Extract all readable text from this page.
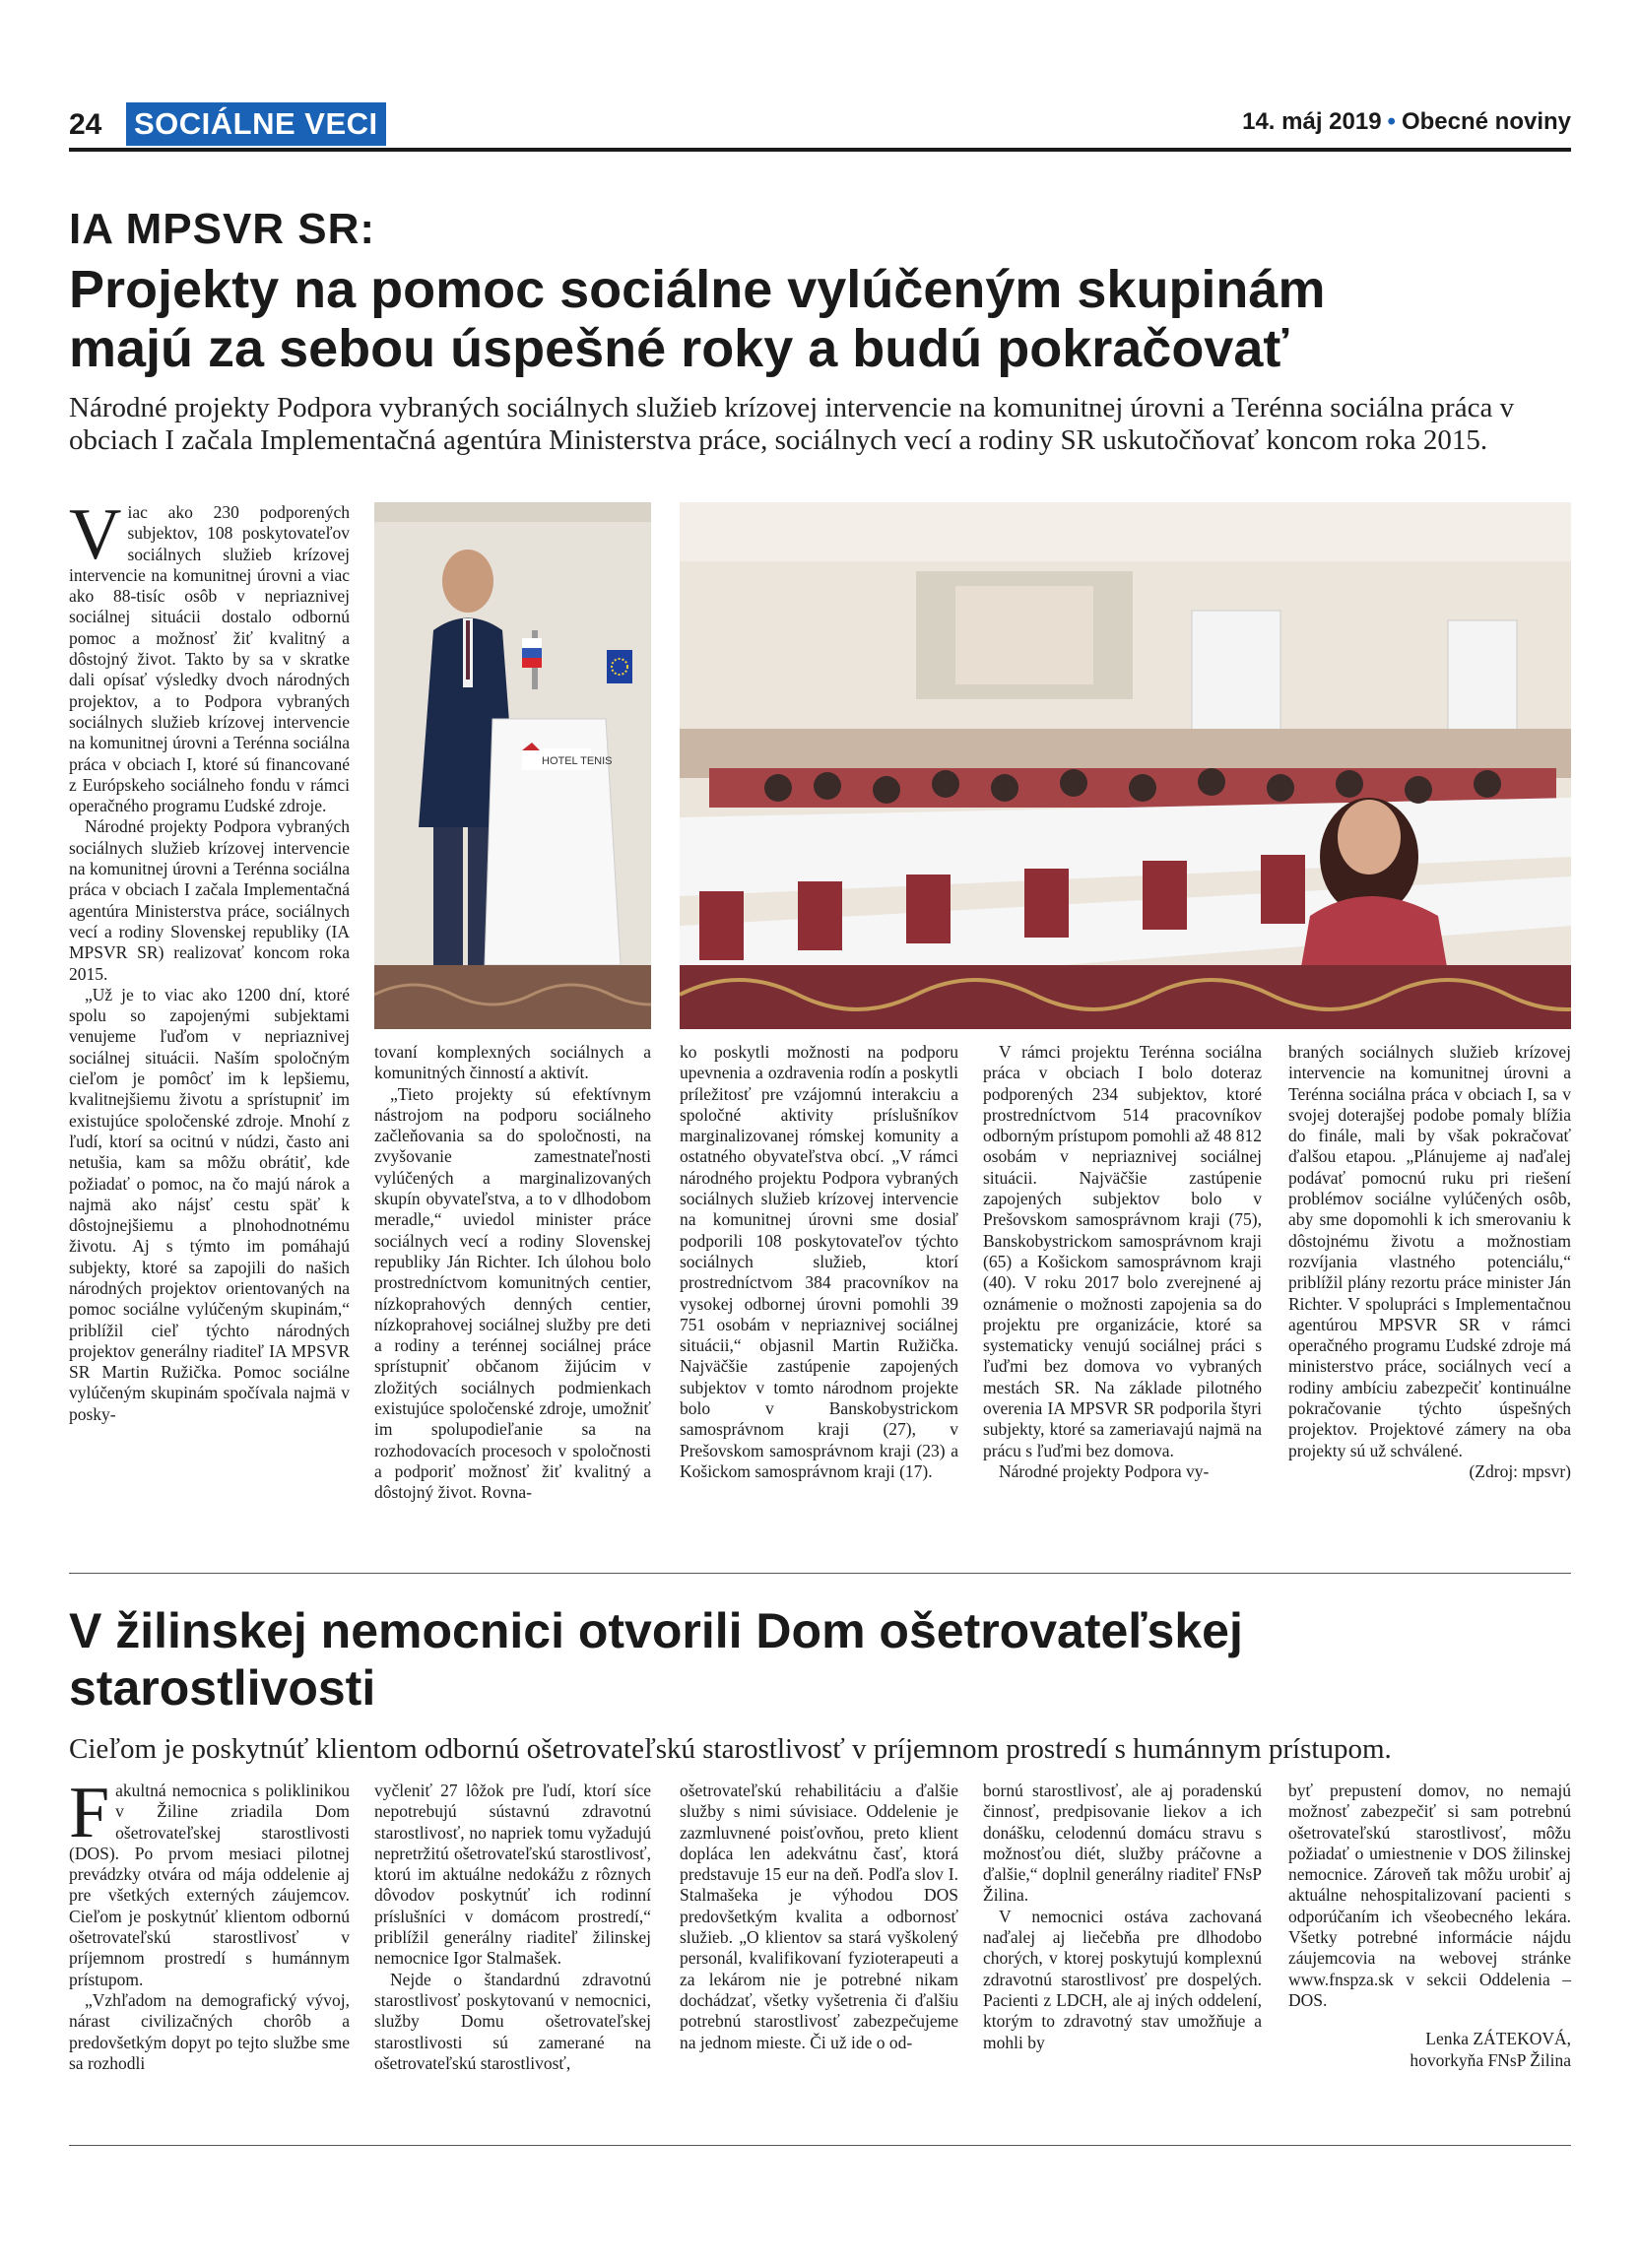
24 SOCIÁLNE VECI	14. máj 2019 • Obecné noviny
IA MPSVR SR:
Projekty na pomoc sociálne vylúčeným skupinám
majú za sebou úspešné roky a budú pokračovať
Národné projekty Podpora vybraných sociálnych služieb krízovej intervencie na komunitnej úrovni a Terénna sociálna práca v obciach I začala Implementačná agentúra Ministerstva práce, sociálnych vecí a rodiny SR uskutočňovať koncom roka 2015.
V iac ako 230 podporených subjektov, 108 poskytovateľov sociálnych služieb krízovej intervencie na komunitnej úrovni a viac ako 88-tisíc osôb v nepriaznivej sociálnej situácii dostalo odbornú pomoc a možnosť žiť kvalitný a dôstojný život. Takto by sa v skratke dali opísať výsledky dvoch národných projektov, a to Podpora vybraných sociálnych služieb krízovej intervencie na komunitnej úrovni a Terénna sociálna práca v obciach I, ktoré sú financované z Európskeho sociálneho fondu v rámci operačného programu Ľudské zdroje.

Národné projekty Podpora vybraných sociálnych služieb krízovej intervencie na komunitnej úrovni a Terénna sociálna práca v obciach I začala Implementačná agentúra Ministerstva práce, sociálnych vecí a rodiny Slovenskej republiky (IA MPSVR SR) realizovať koncom roka 2015.

„Už je to viac ako 1200 dní, ktoré spolu so zapojenými subjektami venujeme ľuďom v nepriaznivej sociálnej situácii. Naším spoločným cieľom je pomôcť im k lepšiemu, kvalitnejšiemu životu a sprístupniť im existujúce spoločenské zdroje. Mnohí z ľudí, ktorí sa ocitnú v núdzi, často ani netušia, kam sa môžu obrátiť, kde požiadať o pomoc, na čo majú nárok a najmä ako nájsť cestu späť k dôstojnejšiemu a plnohodnotnému životu. Aj s týmto im pomáhajú subjekty, ktoré sa zapojili do našich národných projektov orientovaných na pomoc sociálne vylúčeným skupinám,“ priblížil cieľ týchto národných projektov generálny riaditeľ IA MPSVR SR Martin Ružička. Pomoc sociálne vylúčeným skupinám spočívala najmä v posky-

HOTEL TENIS

tovaní komplexných sociálnych a komunitných činností a aktivít.

„Tieto projekty sú efektívnym nástrojom na podporu sociálneho začleňovania sa do spoločnosti, na zvyšovanie zamestnateľnosti vylúčených a marginalizovaných skupín obyvateľstva, a to v dlhodobom meradle,“ uviedol minister práce sociálnych vecí a rodiny Slovenskej republiky Ján Richter. Ich úlohou bolo prostredníctvom komunitných centier, nízkoprahových denných centier, nízkoprahovej sociálnej služby pre deti a rodiny a terénnej sociálnej práce sprístupniť občanom žijúcim v zložitých sociálnych podmienkach existujúce spoločenské zdroje, umožniť im spolupodieľanie sa na rozhodovacích procesoch v spoločnosti a podporiť možnosť žiť kvalitný a dôstojný život. Rovna-

ko poskytli možnosti na podporu upevnenia a ozdravenia rodín a poskytli príležitosť pre vzájomnú interakciu a spoločné aktivity príslušníkov marginalizovanej rómskej komunity a ostatného obyvateľstva obcí. „V rámci národného projektu Podpora vybraných sociálnych služieb krízovej intervencie na komunitnej úrovni sme dosiaľ podporili 108 poskytovateľov týchto sociálnych služieb, ktorí prostredníctvom 384 pracovníkov na vysokej odbornej úrovni pomohli 39 751 osobám v nepriaznivej sociálnej situácii,“ objasnil Martin Ružička. Najväčšie zastúpenie zapojených subjektov v tomto národnom projekte bolo v Banskobystrickom samosprávnom kraji (27), v Prešovskom samosprávnom kraji (23) a Košickom samosprávnom kraji (17).

V rámci projektu Terénna sociálna práca v obciach I bolo doteraz podporených 234 subjektov, ktoré prostredníctvom 514 pracovníkov odborným prístupom pomohli až 48 812 osobám v nepriaznivej sociálnej situácii. Najväčšie zastúpenie zapojených subjektov bolo v Prešovskom samosprávnom kraji (75), Banskobystrickom samosprávnom kraji (65) a Košickom samosprávnom kraji (40). V roku 2017 bolo zverejnené aj oznámenie o možnosti zapojenia sa do projektu pre organizácie, ktoré sa systematicky venujú sociálnej práci s ľuďmi bez domova vo vybraných mestách SR. Na základe pilotného overenia IA MPSVR SR podporila štyri subjekty, ktoré sa zameriavajú najmä na prácu s ľuďmi bez domova.

Národné projekty Podpora vy-

braných sociálnych služieb krízovej intervencie na komunitnej úrovni a Terénna sociálna práca v obciach I, sa v svojej doterajšej podobe pomaly blížia do finále, mali by však pokračovať ďalšou etapou. „Plánujeme aj naďalej podávať pomocnú ruku pri riešení problémov sociálne vylúčených osôb, aby sme dopomohli k ich smerovaniu k dôstojnému životu a možnostiam rozvíjania vlastného potenciálu,“ priblížil plány rezortu práce minister Ján Richter. V spolupráci s Implementačnou agentúrou MPSVR SR v rámci operačného programu Ľudské zdroje má ministerstvo práce, sociálnych vecí a rodiny ambíciu zabezpečiť kontinuálne pokračovanie týchto úspešných projektov. Projektové zámery na oba projekty sú už schválené.

(Zdroj: mpsvr)
V žilinskej nemocnici otvorili Dom ošetrovateľskej
starostlivosti
Cieľom je poskytnúť klientom odbornú ošetrovateľskú starostlivosť v príjemnom prostredí s humánnym prístupom.
F akultná nemocnica s poliklinikou v Žiline zriadila Dom ošetrovateľskej starostlivosti (DOS). Po prvom mesiaci pilotnej prevádzky otvára od mája oddelenie aj pre všetkých externých záujemcov. Cieľom je poskytnúť klientom odbornú ošetrovateľskú starostlivosť v príjemnom prostredí s humánnym prístupom.

„Vzhľadom na demografický vývoj, nárast civilizačných chorôb a predovšetkým dopyt po tejto službe sme sa rozhodli

vyčleniť 27 lôžok pre ľudí, ktorí síce nepotrebujú sústavnú zdravotnú starostlivosť, no napriek tomu vyžadujú nepretržitú ošetrovateľskú starostlivosť, ktorú im aktuálne nedokážu z rôznych dôvodov poskytnúť ich rodinní príslušníci v domácom prostredí,“ priblížil generálny riaditeľ žilinskej nemocnice Igor Stalmašek.

Nejde o štandardnú zdravotnú starostlivosť poskytovanú v nemocnici, služby Domu ošetrovateľskej starostlivosti sú zamerané na ošetrovateľskú starostlivosť,

ošetrovateľskú rehabilitáciu a ďalšie služby s nimi súvisiace. Oddelenie je zazmluvnené poisťovňou, preto klient dopláca len adekvátnu časť, ktorá predstavuje 15 eur na deň. Podľa slov I. Stalmašeka je výhodou DOS predovšetkým kvalita a odbornosť služieb. „O klientov sa stará vyškolený personál, kvalifikovaní fyzioterapeuti a za lekárom nie je potrebné nikam dochádzať, všetky vyšetrenia či ďalšiu potrebnú starostlivosť zabezpečujeme na jednom mieste. Či už ide o od-

bornú starostlivosť, ale aj poradenskú činnosť, predpisovanie liekov a ich donášku, celodennú domácu stravu s možnosťou diét, služby práčovne a ďalšie,“ doplnil generálny riaditeľ FNsP Žilina.

V nemocnici ostáva zachovaná naďalej aj liečebňa pre dlhodobo chorých, v ktorej poskytujú komplexnú zdravotnú starostlivosť pre dospelých. Pacienti z LDCH, ale aj iných oddelení, ktorým to zdravotný stav umožňuje a mohli by

byť prepustení domov, no nemajú možnosť zabezpečiť si sam potrebnú ošetrovateľskú starostlivosť, môžu požiadať o umiestnenie v DOS žilinskej nemocnice. Zároveň tak môžu urobiť aj aktuálne nehospitalizovaní pacienti s odporúčaním ich všeobecného lekára. Všetky potrebné informácie nájdu záujemcovia na webovej stránke www.fnspza.sk v sekcii Oddelenia – DOS.

Lenka ZÁTEKOVÁ,
hovorkyňa FNsP Žilina
